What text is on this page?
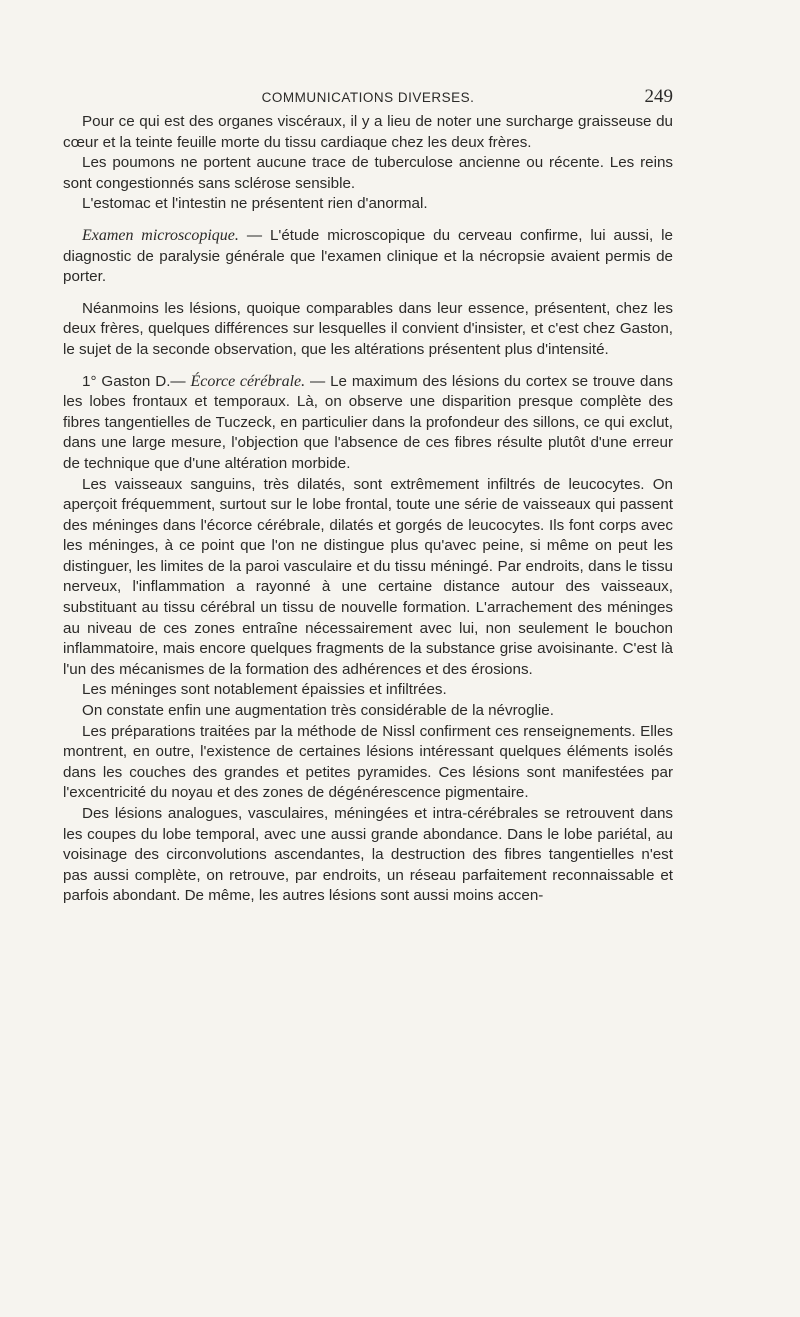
COMMUNICATIONS DIVERSES.	249

Pour ce qui est des organes viscéraux, il y a lieu de noter une surcharge graisseuse du cœur et la teinte feuille morte du tissu cardiaque chez les deux frères.

Les poumons ne portent aucune trace de tuberculose ancienne ou récente. Les reins sont congestionnés sans sclérose sensible.

L'estomac et l'intestin ne présentent rien d'anormal.

Examen microscopique. — L'étude microscopique du cerveau confirme, lui aussi, le diagnostic de paralysie générale que l'examen clinique et la nécropsie avaient permis de porter.

Néanmoins les lésions, quoique comparables dans leur essence, présentent, chez les deux frères, quelques différences sur lesquelles il convient d'insister, et c'est chez Gaston, le sujet de la seconde observation, que les altérations présentent plus d'intensité.

1° Gaston D.— Écorce cérébrale. — Le maximum des lésions du cortex se trouve dans les lobes frontaux et temporaux. Là, on observe une disparition presque complète des fibres tangentielles de Tuczeck, en particulier dans la profondeur des sillons, ce qui exclut, dans une large mesure, l'objection que l'absence de ces fibres résulte plutôt d'une erreur de technique que d'une altération morbide.

Les vaisseaux sanguins, très dilatés, sont extrêmement infiltrés de leucocytes. On aperçoit fréquemment, surtout sur le lobe frontal, toute une série de vaisseaux qui passent des méninges dans l'écorce cérébrale, dilatés et gorgés de leucocytes. Ils font corps avec les méninges, à ce point que l'on ne distingue plus qu'avec peine, si même on peut les distinguer, les limites de la paroi vasculaire et du tissu méningé. Par endroits, dans le tissu nerveux, l'inflammation a rayonné à une certaine distance autour des vaisseaux, substituant au tissu cérébral un tissu de nouvelle formation. L'arrachement des méninges au niveau de ces zones entraîne nécessairement avec lui, non seulement le bouchon inflammatoire, mais encore quelques fragments de la substance grise avoisinante. C'est là l'un des mécanismes de la formation des adhérences et des érosions.

Les méninges sont notablement épaissies et infiltrées.

On constate enfin une augmentation très considérable de la névroglie.

Les préparations traitées par la méthode de Nissl confirment ces renseignements. Elles montrent, en outre, l'existence de certaines lésions intéressant quelques éléments isolés dans les couches des grandes et petites pyramides. Ces lésions sont manifestées par l'excentricité du noyau et des zones de dégénérescence pigmentaire.

Des lésions analogues, vasculaires, méningées et intra-cérébrales se retrouvent dans les coupes du lobe temporal, avec une aussi grande abondance. Dans le lobe pariétal, au voisinage des circonvolutions ascendantes, la destruction des fibres tangentielles n'est pas aussi complète, on retrouve, par endroits, un réseau parfaitement reconnaissable et parfois abondant. De même, les autres lésions sont aussi moins accen-
